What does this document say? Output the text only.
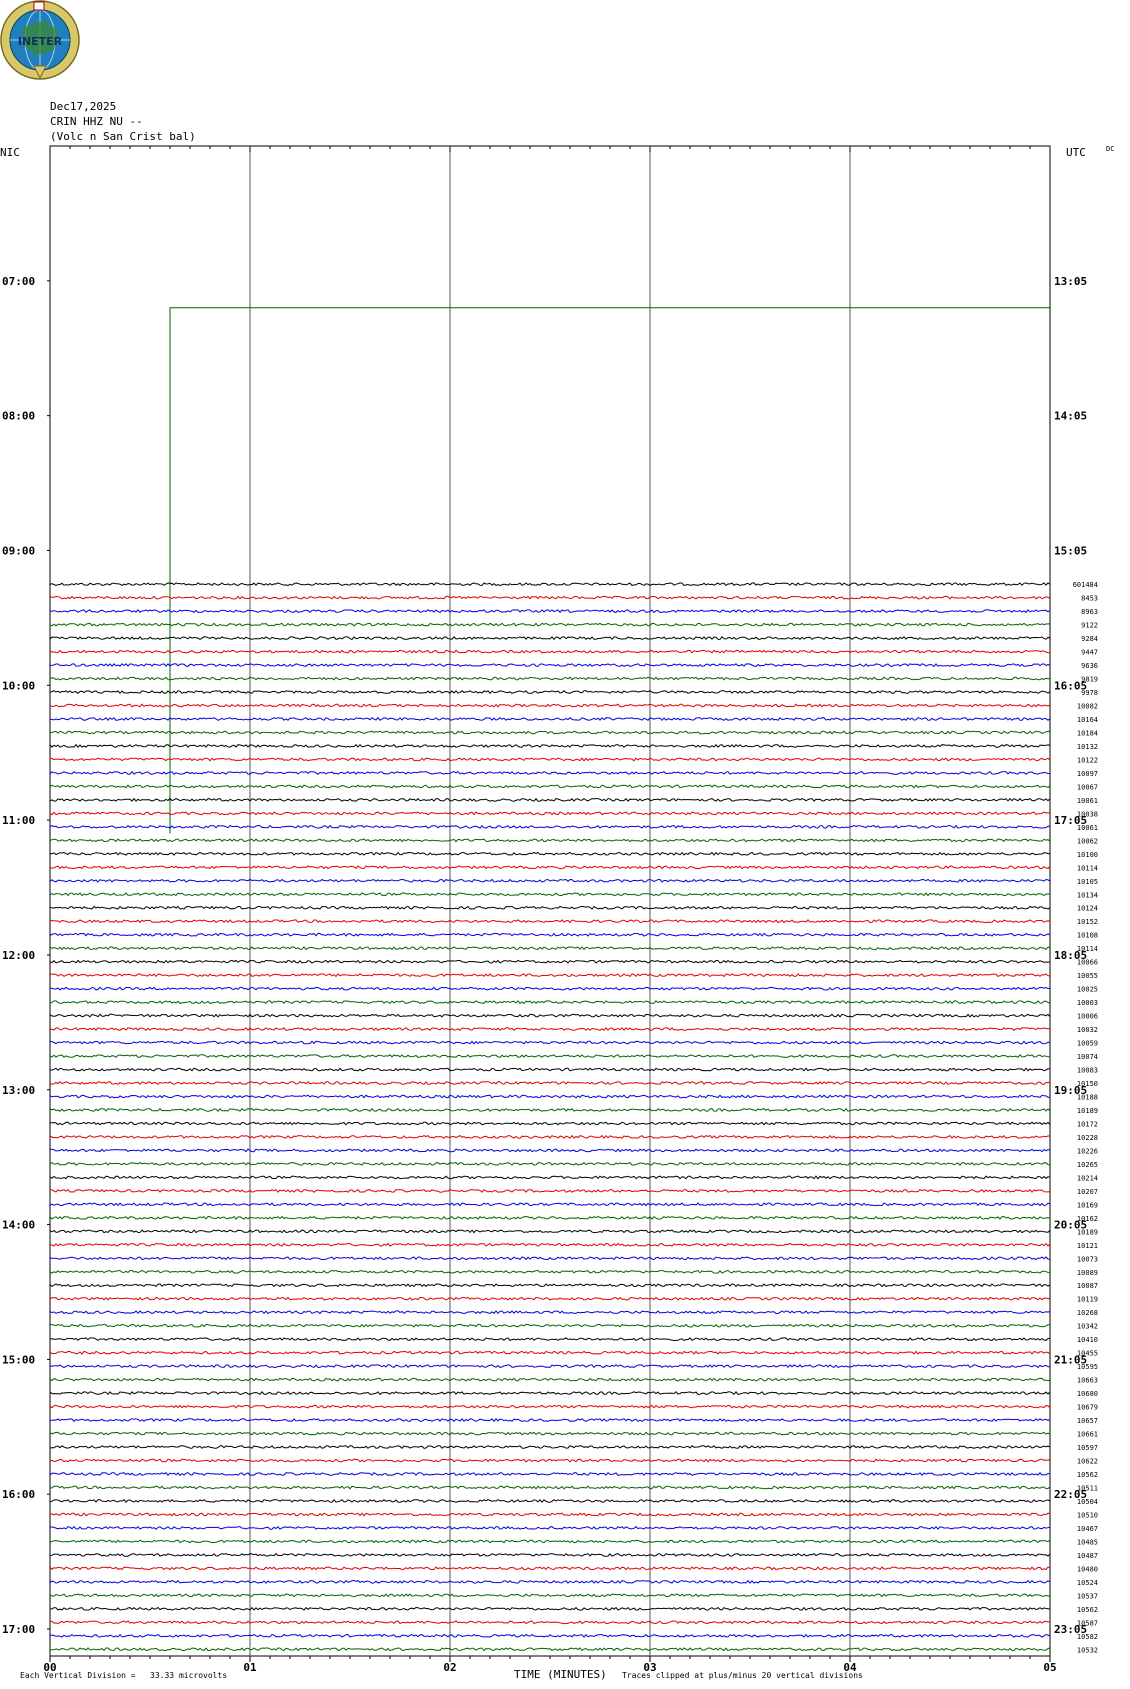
INETER
Dec17,2025
CRIN HHZ NU --
(Volc n San Crist bal)
NIC	UTC	DC
00	01	02	03	04	05
07:00
08:00
09:00
10:00
11:00
12:00
13:00
14:00
15:00
16:00
17:00
13:05
14:05
15:05
16:05
17:05
18:05
19:05
20:05
21:05
22:05
23:05
601484
8453
8963
9122
9284
9447
9636
9819
9978
10082
10164
10184
10132
10122
10097
10067
10061
10038
10061
10062
10100
10114
10105
10134
10124
10152
10108
10114
10066
10055
10025
10003
10006
10032
10059
10074
10083
10150
10188
10189
10172
10228
10226
10265
10214
10207
10169
10162
10189
10121
10073
10089
10087
10119
10268
10342
10410
10455
10595
10663
10680
10679
10657
10661
10597
10622
10562
10511
10504
10510
10467
10485
10487
10480
10524
10537
10562
10587
10582
10532
TIME (MINUTES)
Each Vertical Division =   33.33 microvolts	Traces clipped at plus/minus 20 vertical divisions
